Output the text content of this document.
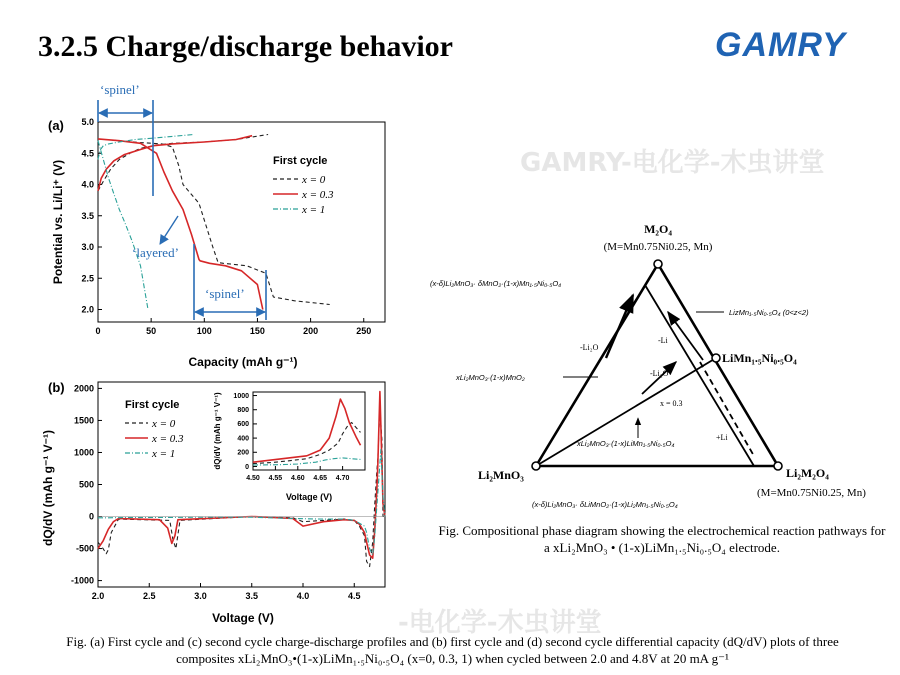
3.2.5 Charge/discharge behavior	GAMRY
GAMRY-电化学-木虫讲堂
-电化学-木虫讲堂
(a)
0	50	100	150	200	250
2.0
2.5
3.0
3.5
4.0
4.5
5.0
Capacity (mAh g⁻¹)
Potential vs. Li/Li⁺ (V)	First cycle
x = 0
x = 0.3
x = 1
‘spinel’
‘layered’
‘spinel’
(b)
2.0	2.5	3.0	3.5	4.0	4.5
-1000
-500
0
500
1000
1500
2000
Voltage (V)
dQ/dV (mAh g⁻¹ V⁻¹)
First cycle
x = 0
x = 0.3
x = 1
4.50 4.55 4.60 4.65 4.70
0
200
400
600
800
1000
Voltage (V)
dQ/dV (mAh g⁻¹ V⁻¹)
M₂O₄
(M=Mn0.75Ni0.25, Mn)
LiMn₁.₅Ni₀.₅O₄
Li₂MnO₃	Li₂M₂O₄
(M=Mn0.75Ni0.25, Mn)
(x-δ)Li₂MnO₃· δMnO₂·(1-x)Mn₁.₅Ni₀.₅O₄
LizMn₁.₅Ni₀.₅O₄ (0<z<2)
xLi₂MnO₃·(1-x)MnO₂
xLi₂MnO₃·(1-x)LiMn₁.₅Ni₀.₅O₄
(x-δ)Li₂MnO₃· δLiMnO₂·(1-x)Li₂Mn₁.₅Ni₀.₅O₄
-Li₂O
-Li
-Li₂O
x = 0.3
+Li
Fig. Compositional phase diagram showing the electrochemical reaction pathways for a xLi₂MnO₃ • (1-x)LiMn₁.₅Ni₀.₅O₄ electrode.
Fig. (a) First cycle and (c) second cycle charge-discharge profiles and (b) first cycle and (d) second cycle differential capacity (dQ/dV) plots of three composites xLi₂MnO₃•(1-x)LiMn₁.₅Ni₀.₅O₄ (x=0, 0.3, 1) when cycled between 2.0 and 4.8V at 20 mA g⁻¹
